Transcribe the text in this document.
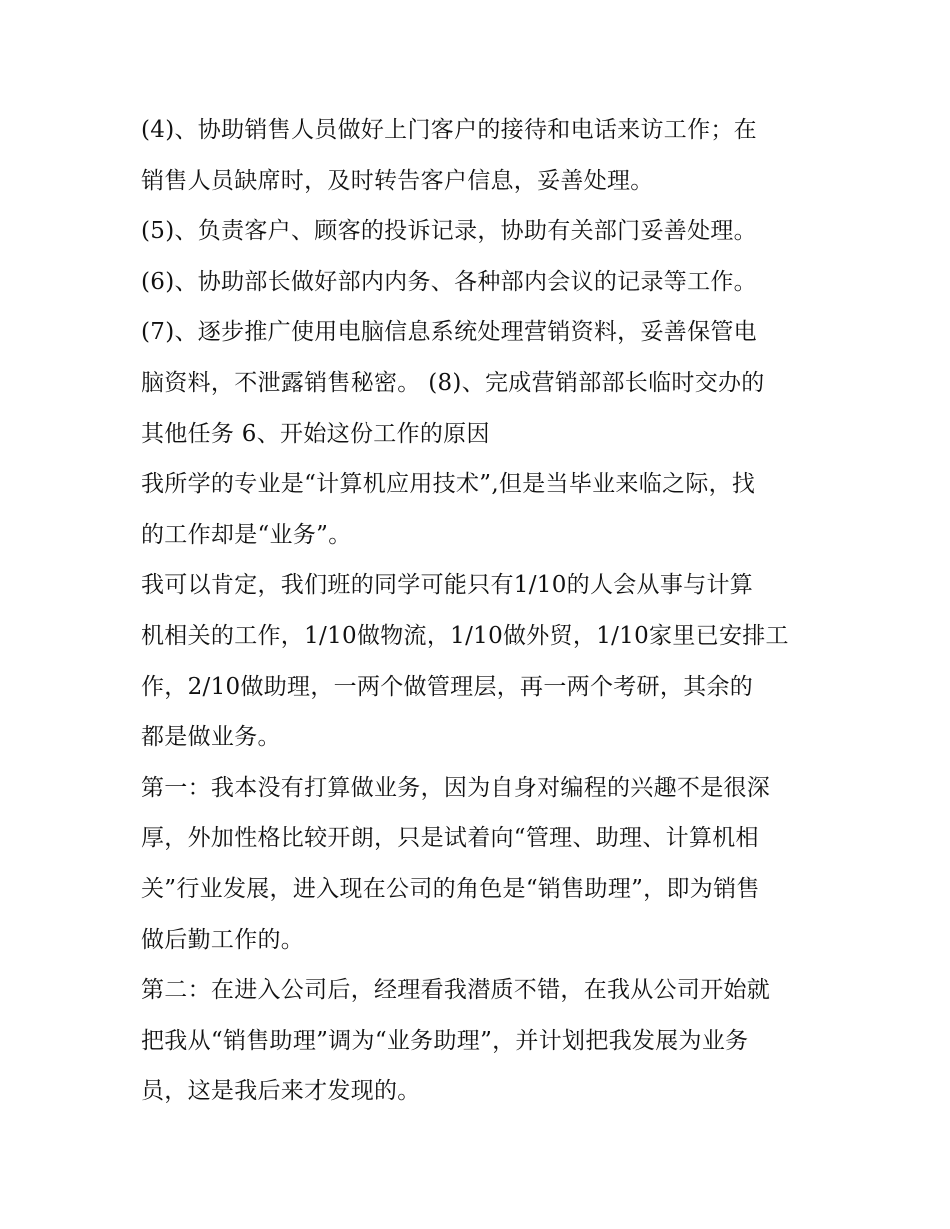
(4)、协助销售人员做好上门客户的接待和电话来访工作；在
销售人员缺席时，及时转告客户信息，妥善处理。
(5)、负责客户、顾客的投诉记录，协助有关部门妥善处理。
(6)、协助部长做好部内内务、各种部内会议的记录等工作。
(7)、逐步推广使用电脑信息系统处理营销资料，妥善保管电
脑资料，不泄露销售秘密。 (8)、完成营销部部长临时交办的
其他任务 6、开始这份工作的原因
我所学的专业是“计算机应用技术”,但是当毕业来临之际，找
的工作却是“业务”。
我可以肯定，我们班的同学可能只有1/10的人会从事与计算
机相关的工作，1/10做物流，1/10做外贸，1/10家里已安排工
作，2/10做助理，一两个做管理层，再一两个考研，其余的
都是做业务。
第一：我本没有打算做业务，因为自身对编程的兴趣不是很深
厚，外加性格比较开朗，只是试着向“管理、助理、计算机相
关”行业发展，进入现在公司的角色是“销售助理”，即为销售
做后勤工作的。
第二：在进入公司后，经理看我潜质不错，在我从公司开始就
把我从“销售助理”调为“业务助理”，并计划把我发展为业务
员，这是我后来才发现的。
